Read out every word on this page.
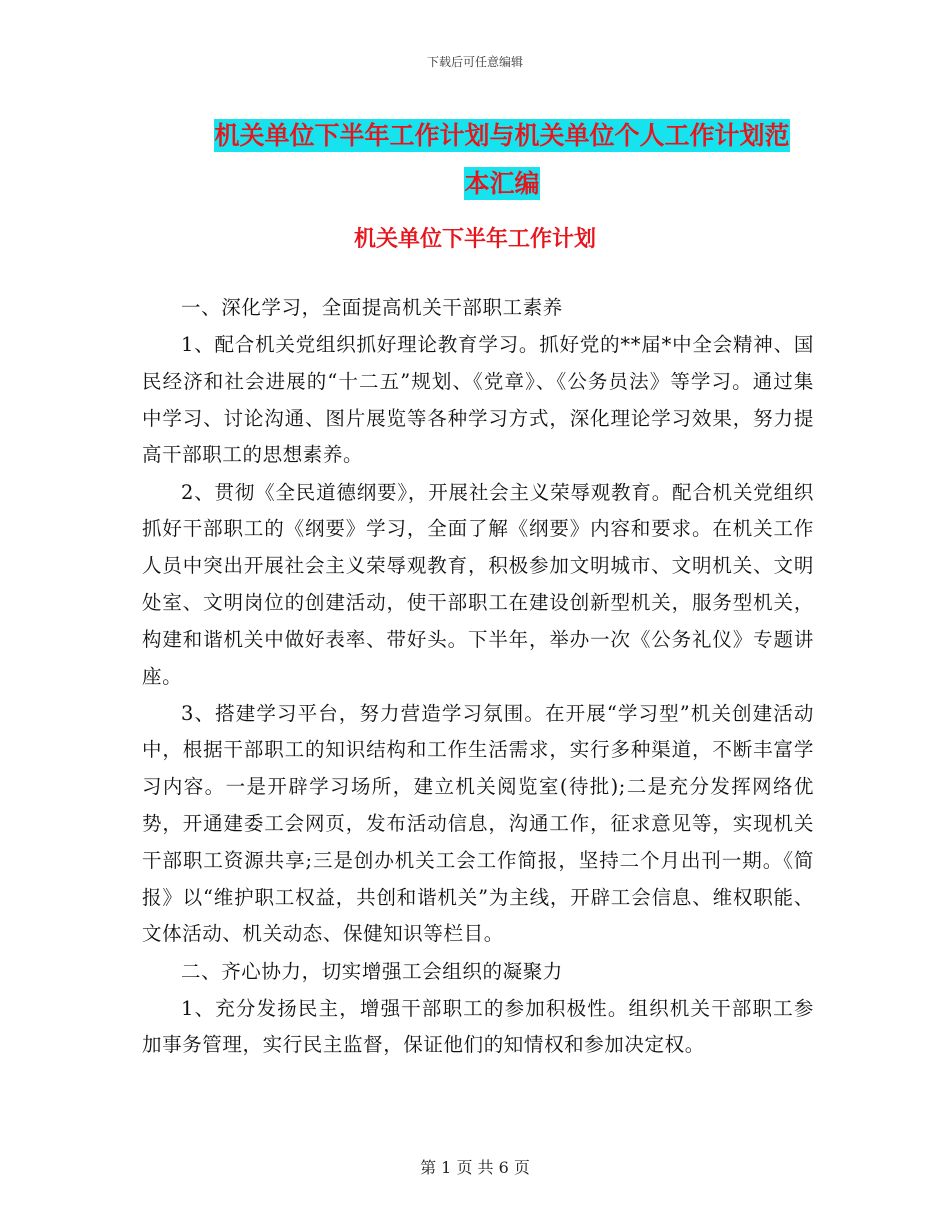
下载后可任意编辑
机关单位下半年工作计划与机关单位个人工作计划范
本汇编
机关单位下半年工作计划

一、深化学习，全面提高机关干部职工素养

1、配合机关党组织抓好理论教育学习。抓好党的**届*中全会精神、国民经济和社会进展的“十二五”规划、《党章》、《公务员法》等学习。通过集中学习、讨论沟通、图片展览等各种学习方式，深化理论学习效果，努力提高干部职工的思想素养。

2、贯彻《全民道德纲要》，开展社会主义荣辱观教育。配合机关党组织抓好干部职工的《纲要》学习，全面了解《纲要》内容和要求。在机关工作人员中突出开展社会主义荣辱观教育，积极参加文明城市、文明机关、文明处室、文明岗位的创建活动，使干部职工在建设创新型机关，服务型机关，构建和谐机关中做好表率、带好头。下半年，举办一次《公务礼仪》专题讲座。

3、搭建学习平台，努力营造学习氛围。在开展“学习型”机关创建活动中，根据干部职工的知识结构和工作生活需求，实行多种渠道，不断丰富学习内容。一是开辟学习场所，建立机关阅览室(待批);二是充分发挥网络优势，开通建委工会网页，发布活动信息，沟通工作，征求意见等，实现机关干部职工资源共享;三是创办机关工会工作简报，坚持二个月出刊一期。《简报》以“维护职工权益，共创和谐机关”为主线，开辟工会信息、维权职能、文体活动、机关动态、保健知识等栏目。

二、齐心协力，切实增强工会组织的凝聚力

1、充分发扬民主，增强干部职工的参加积极性。组织机关干部职工参加事务管理，实行民主监督，保证他们的知情权和参加决定权。

第 1 页 共 6 页
